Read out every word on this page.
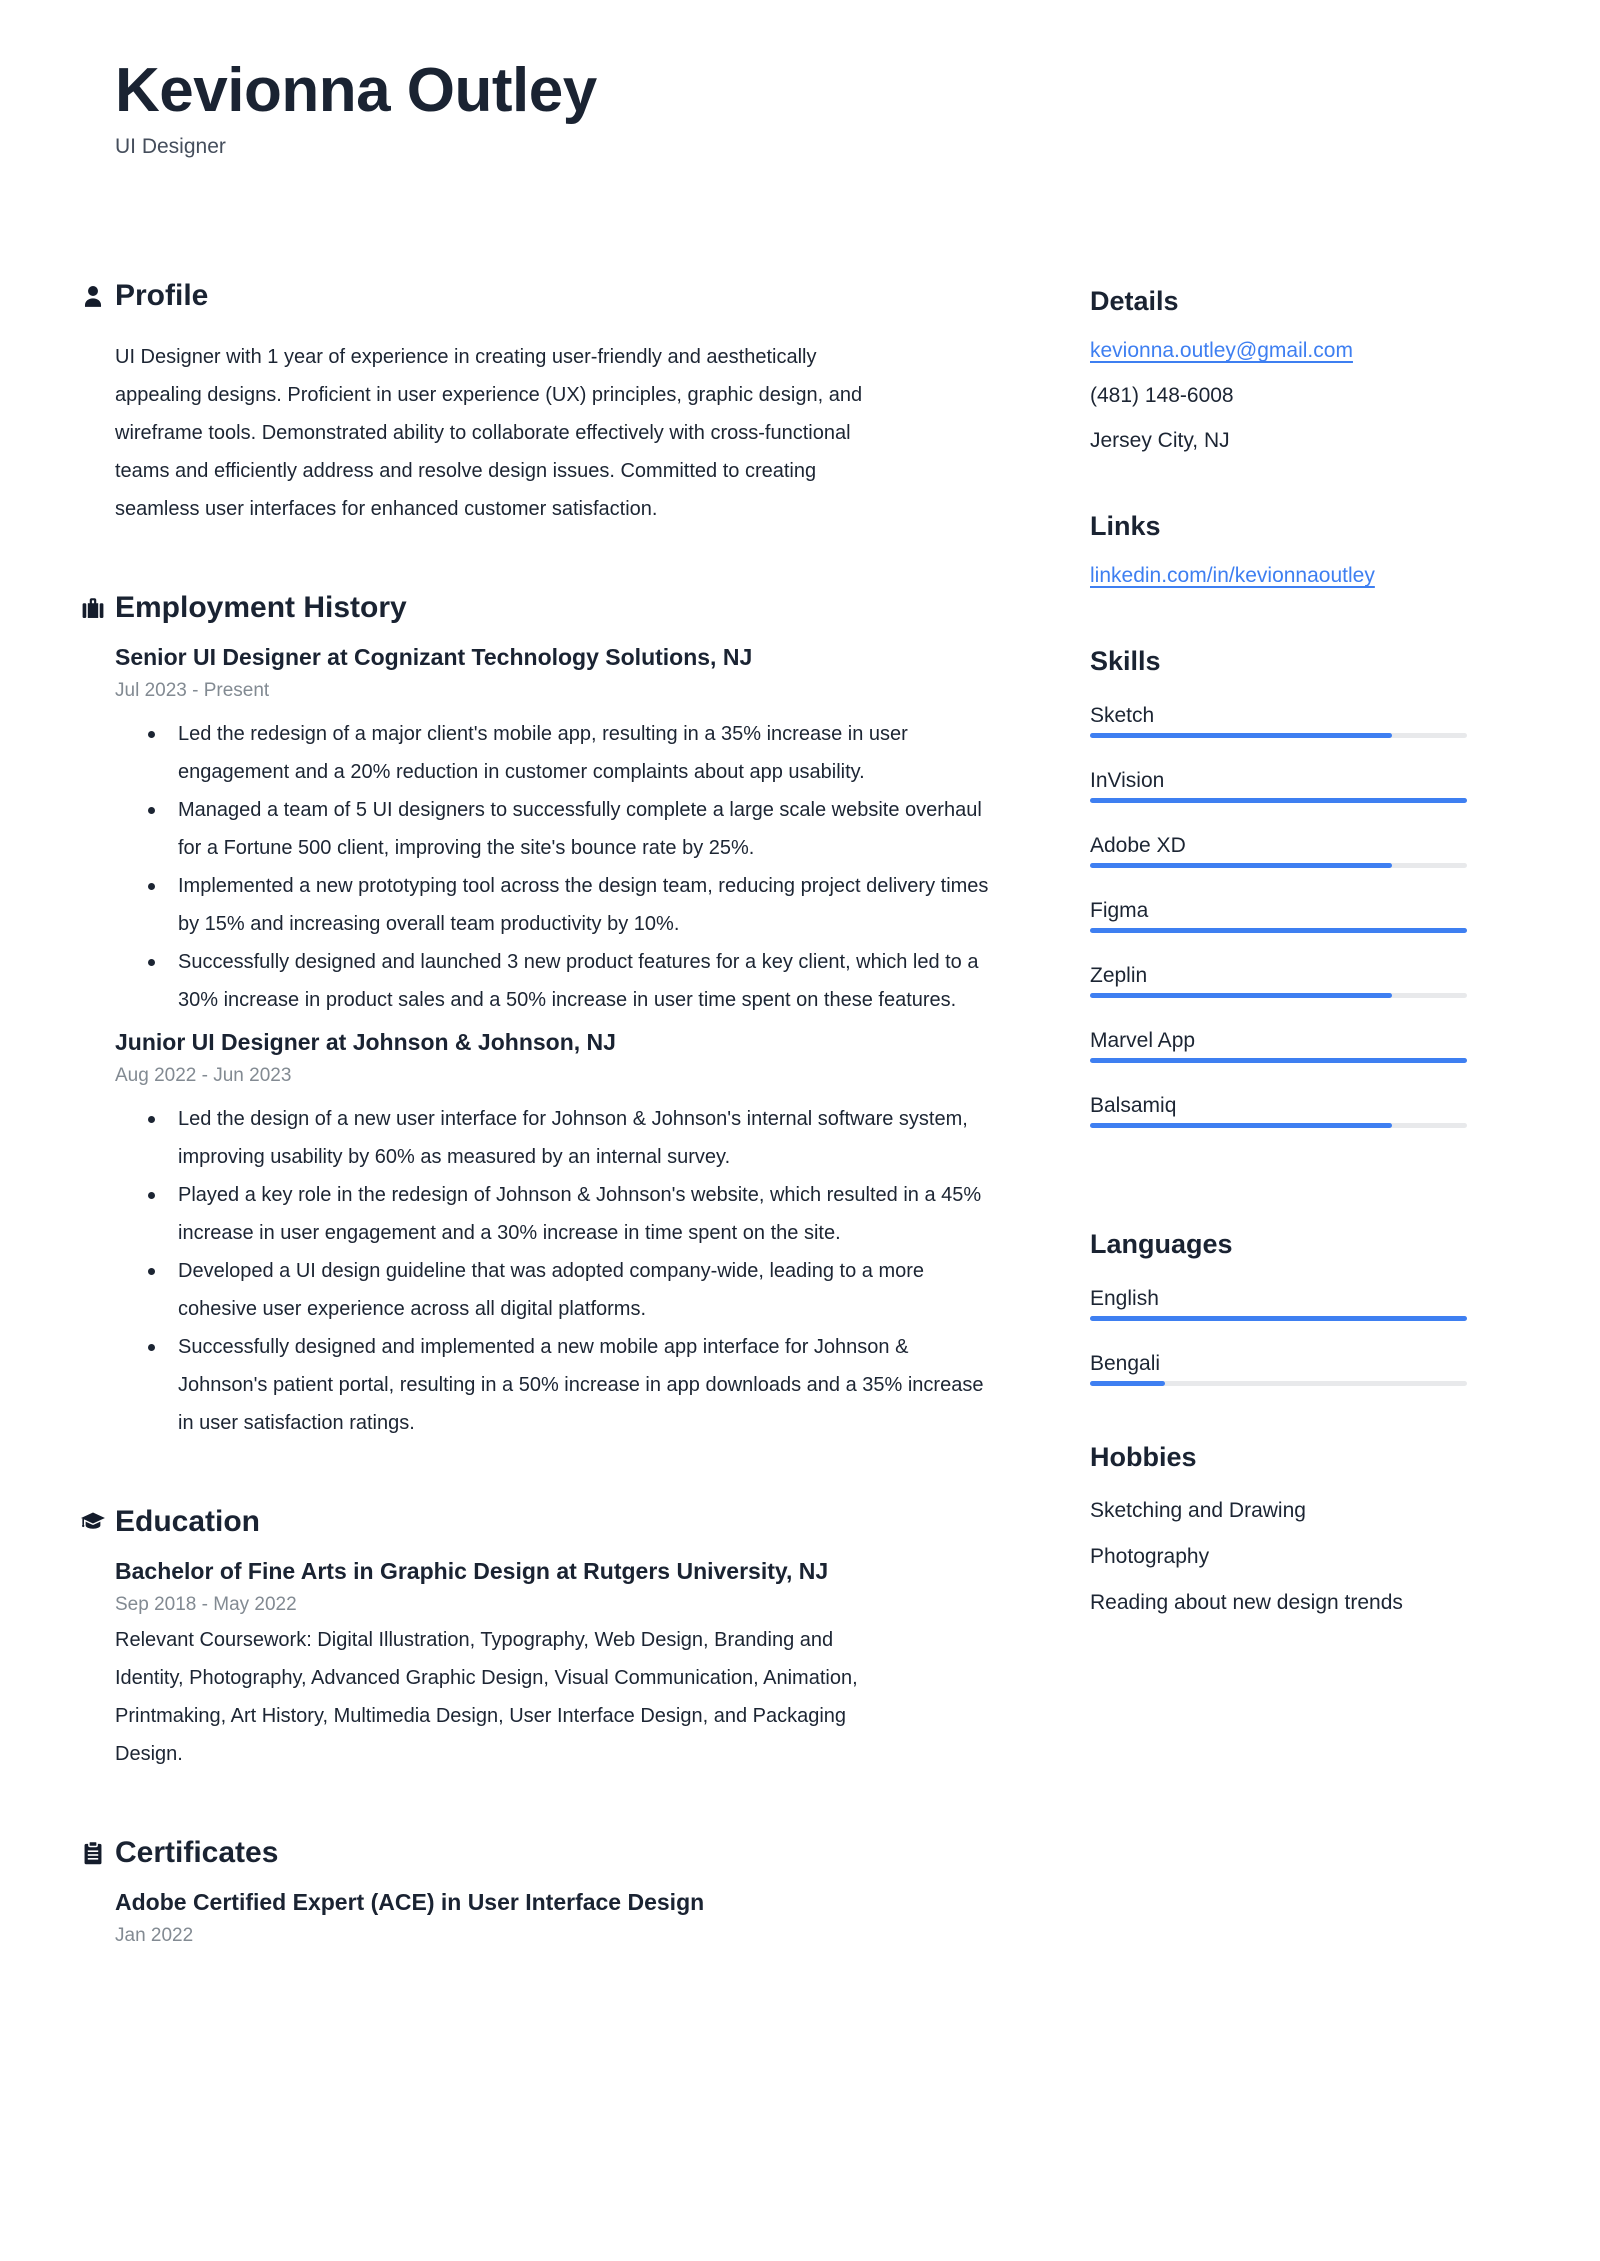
Kevionna Outley
UI Designer
Profile

UI Designer with 1 year of experience in creating user-friendly and aesthetically appealing designs. Proficient in user experience (UX) principles, graphic design, and wireframe tools. Demonstrated ability to collaborate effectively with cross-functional teams and efficiently address and resolve design issues. Committed to creating seamless user interfaces for enhanced customer satisfaction.

Employment History
Senior UI Designer at Cognizant Technology Solutions, NJ
Jul 2023 - Present
Led the redesign of a major client's mobile app, resulting in a 35% increase in user engagement and a 20% reduction in customer complaints about app usability.
Managed a team of 5 UI designers to successfully complete a large scale website overhaul for a Fortune 500 client, improving the site's bounce rate by 25%.
Implemented a new prototyping tool across the design team, reducing project delivery times by 15% and increasing overall team productivity by 10%.
Successfully designed and launched 3 new product features for a key client, which led to a 30% increase in product sales and a 50% increase in user time spent on these features.
Junior UI Designer at Johnson & Johnson, NJ
Aug 2022 - Jun 2023
Led the design of a new user interface for Johnson & Johnson's internal software system, improving usability by 60% as measured by an internal survey.
Played a key role in the redesign of Johnson & Johnson's website, which resulted in a 45% increase in user engagement and a 30% increase in time spent on the site.
Developed a UI design guideline that was adopted company-wide, leading to a more cohesive user experience across all digital platforms.
Successfully designed and implemented a new mobile app interface for Johnson & Johnson's patient portal, resulting in a 50% increase in app downloads and a 35% increase in user satisfaction ratings.
Education
Bachelor of Fine Arts in Graphic Design at Rutgers University, NJ
Sep 2018 - May 2022

Relevant Coursework: Digital Illustration, Typography, Web Design, Branding and Identity, Photography, Advanced Graphic Design, Visual Communication, Animation, Printmaking, Art History, Multimedia Design, User Interface Design, and Packaging Design.

Certificates
Adobe Certified Expert (ACE) in User Interface Design
Jan 2022
Details
kevionna.outley@gmail.com
(481) 148-6008
Jersey City, NJ
Links
linkedin.com/in/kevionnaoutley
Skills
Sketch
InVision
Adobe XD
Figma
Zeplin
Marvel App
Balsamiq
Languages
English
Bengali
Hobbies
Sketching and Drawing
Photography
Reading about new design trends
